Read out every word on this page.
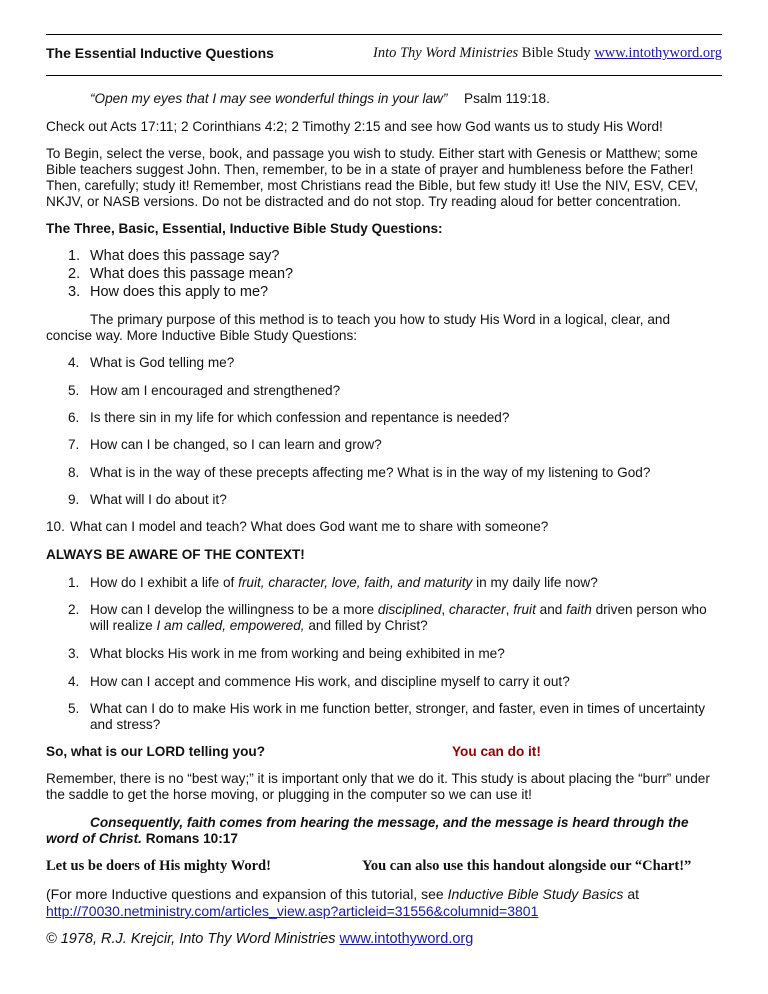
The Essential Inductive Questions	Into Thy Word Ministries Bible Study www.intothyword.org
“Open my eyes that I may see wonderful things in your law” Psalm 119:18.
Check out Acts 17:11; 2 Corinthians 4:2; 2 Timothy 2:15 and see how God wants us to study His Word!
To Begin, select the verse, book, and passage you wish to study. Either start with Genesis or Matthew; some
Bible teachers suggest John. Then, remember, to be in a state of prayer and humbleness before the Father!
Then, carefully; study it! Remember, most Christians read the Bible, but few study it! Use the NIV, ESV, CEV,
NKJV, or NASB versions. Do not be distracted and do not stop. Try reading aloud for better concentration.
The Three, Basic, Essential, Inductive Bible Study Questions:
1. What does this passage say?
2. What does this passage mean?
3. How does this apply to me?
The primary purpose of this method is to teach you how to study His Word in a logical, clear, and
concise way. More Inductive Bible Study Questions:
4. What is God telling me?
5. How am I encouraged and strengthened?
6. Is there sin in my life for which confession and repentance is needed?
7. How can I be changed, so I can learn and grow?
8. What is in the way of these precepts affecting me? What is in the way of my listening to God?
9. What will I do about it?
10. What can I model and teach? What does God want me to share with someone?
ALWAYS BE AWARE OF THE CONTEXT!
1. How do I exhibit a life of fruit, character, love, faith, and maturity in my daily life now?
2. How can I develop the willingness to be a more disciplined, character, fruit and faith driven person who
will realize I am called, empowered, and filled by Christ?
3. What blocks His work in me from working and being exhibited in me?
4. How can I accept and commence His work, and discipline myself to carry it out?
5. What can I do to make His work in me function better, stronger, and faster, even in times of uncertainty
and stress?
So, what is our LORD telling you?	You can do it!
Remember, there is no “best way;” it is important only that we do it. This study is about placing the “burr” under
the saddle to get the horse moving, or plugging in the computer so we can use it!
Consequently, faith comes from hearing the message, and the message is heard through the
word of Christ. Romans 10:17
Let us be doers of His mighty Word!	You can also use this handout alongside our “Chart!”
(For more Inductive questions and expansion of this tutorial, see Inductive Bible Study Basics at
http://70030.netministry.com/articles_view.asp?articleid=31556&columnid=3801
© 1978, R.J. Krejcir, Into Thy Word Ministries www.intothyword.org
